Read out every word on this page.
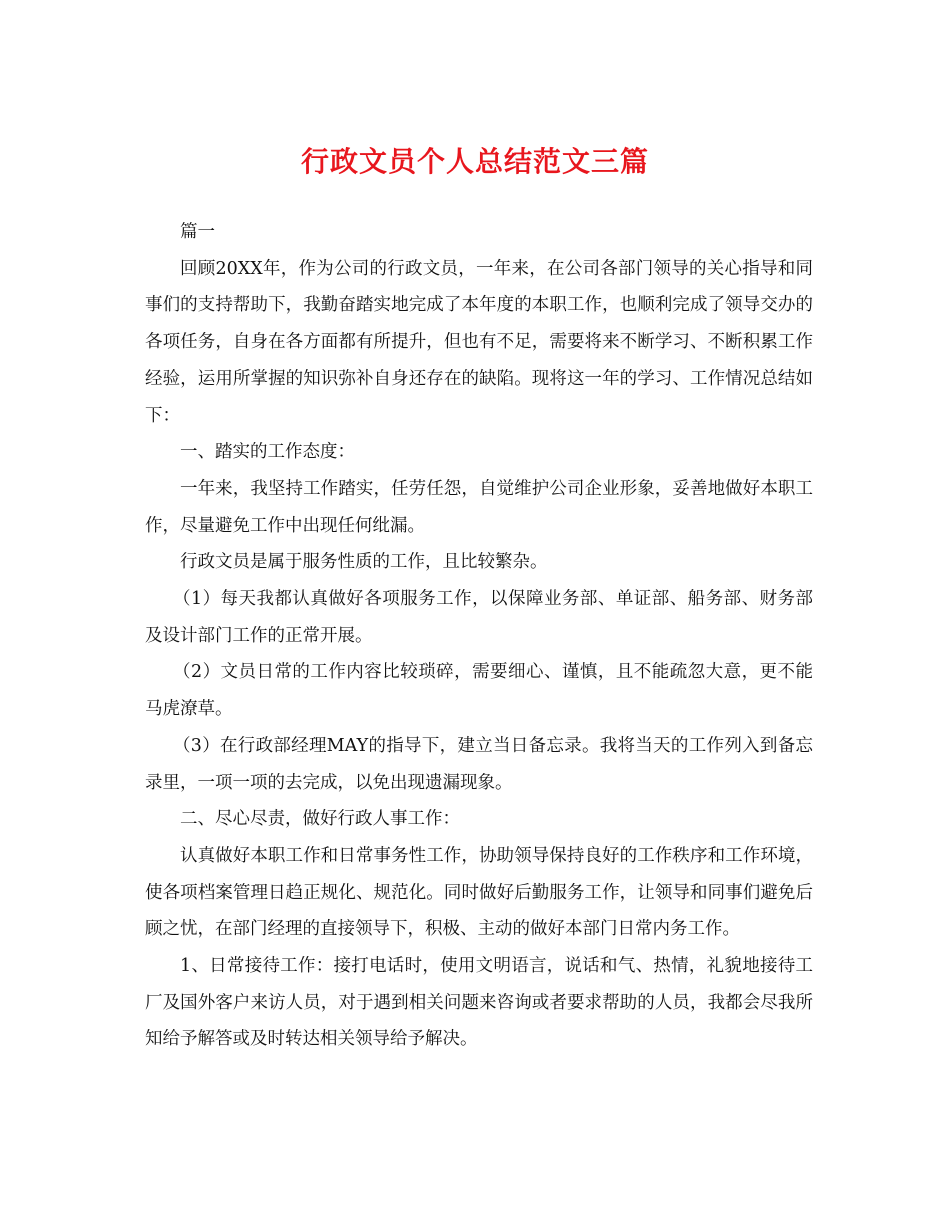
行政文员个人总结范文三篇

篇一

回顾20XX年，作为公司的行政文员，一年来，在公司各部门领导的关心指导和同事们的支持帮助下，我勤奋踏实地完成了本年度的本职工作，也顺利完成了领导交办的各项任务，自身在各方面都有所提升，但也有不足，需要将来不断学习、不断积累工作经验，运用所掌握的知识弥补自身还存在的缺陷。现将这一年的学习、工作情况总结如下：

一、踏实的工作态度：

一年来，我坚持工作踏实，任劳任怨，自觉维护公司企业形象，妥善地做好本职工作，尽量避免工作中出现任何纰漏。

行政文员是属于服务性质的工作，且比较繁杂。

（1）每天我都认真做好各项服务工作，以保障业务部、单证部、船务部、财务部及设计部门工作的正常开展。

（2）文员日常的工作内容比较琐碎，需要细心、谨慎，且不能疏忽大意，更不能马虎潦草。

（3）在行政部经理MAY的指导下，建立当日备忘录。我将当天的工作列入到备忘录里，一项一项的去完成，以免出现遗漏现象。

二、尽心尽责，做好行政人事工作：

认真做好本职工作和日常事务性工作，协助领导保持良好的工作秩序和工作环境，使各项档案管理日趋正规化、规范化。同时做好后勤服务工作，让领导和同事们避免后顾之忧，在部门经理的直接领导下，积极、主动的做好本部门日常内务工作。

1、日常接待工作：接打电话时，使用文明语言，说话和气、热情，礼貌地接待工厂及国外客户来访人员，对于遇到相关问题来咨询或者要求帮助的人员，我都会尽我所知给予解答或及时转达相关领导给予解决。
